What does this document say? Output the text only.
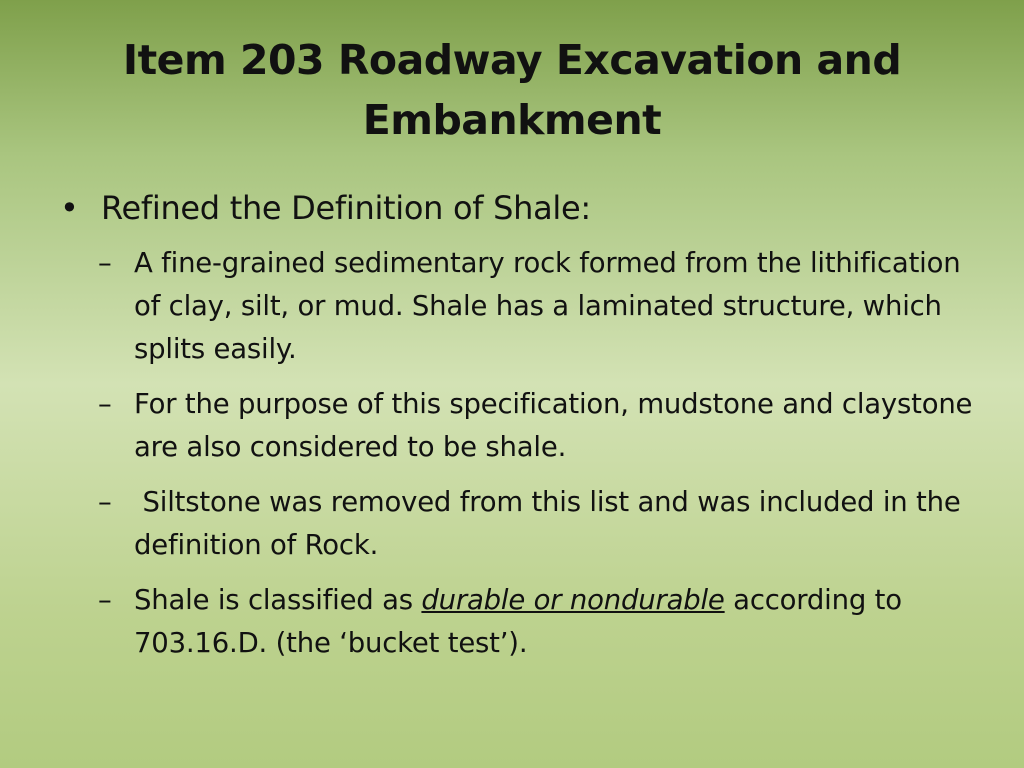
Item 203 Roadway Excavation and Embankment
• Refined the Definition of Shale:
– A fine-grained sedimentary rock formed from the lithification of clay, silt, or mud. Shale has a laminated structure, which splits easily.
– For the purpose of this specification, mudstone and claystone are also considered to be shale.
– Siltstone was removed from this list and was included in the definition of Rock.
– Shale is classified as durable or nondurable according to 703.16.D. (the ‘bucket test’).
